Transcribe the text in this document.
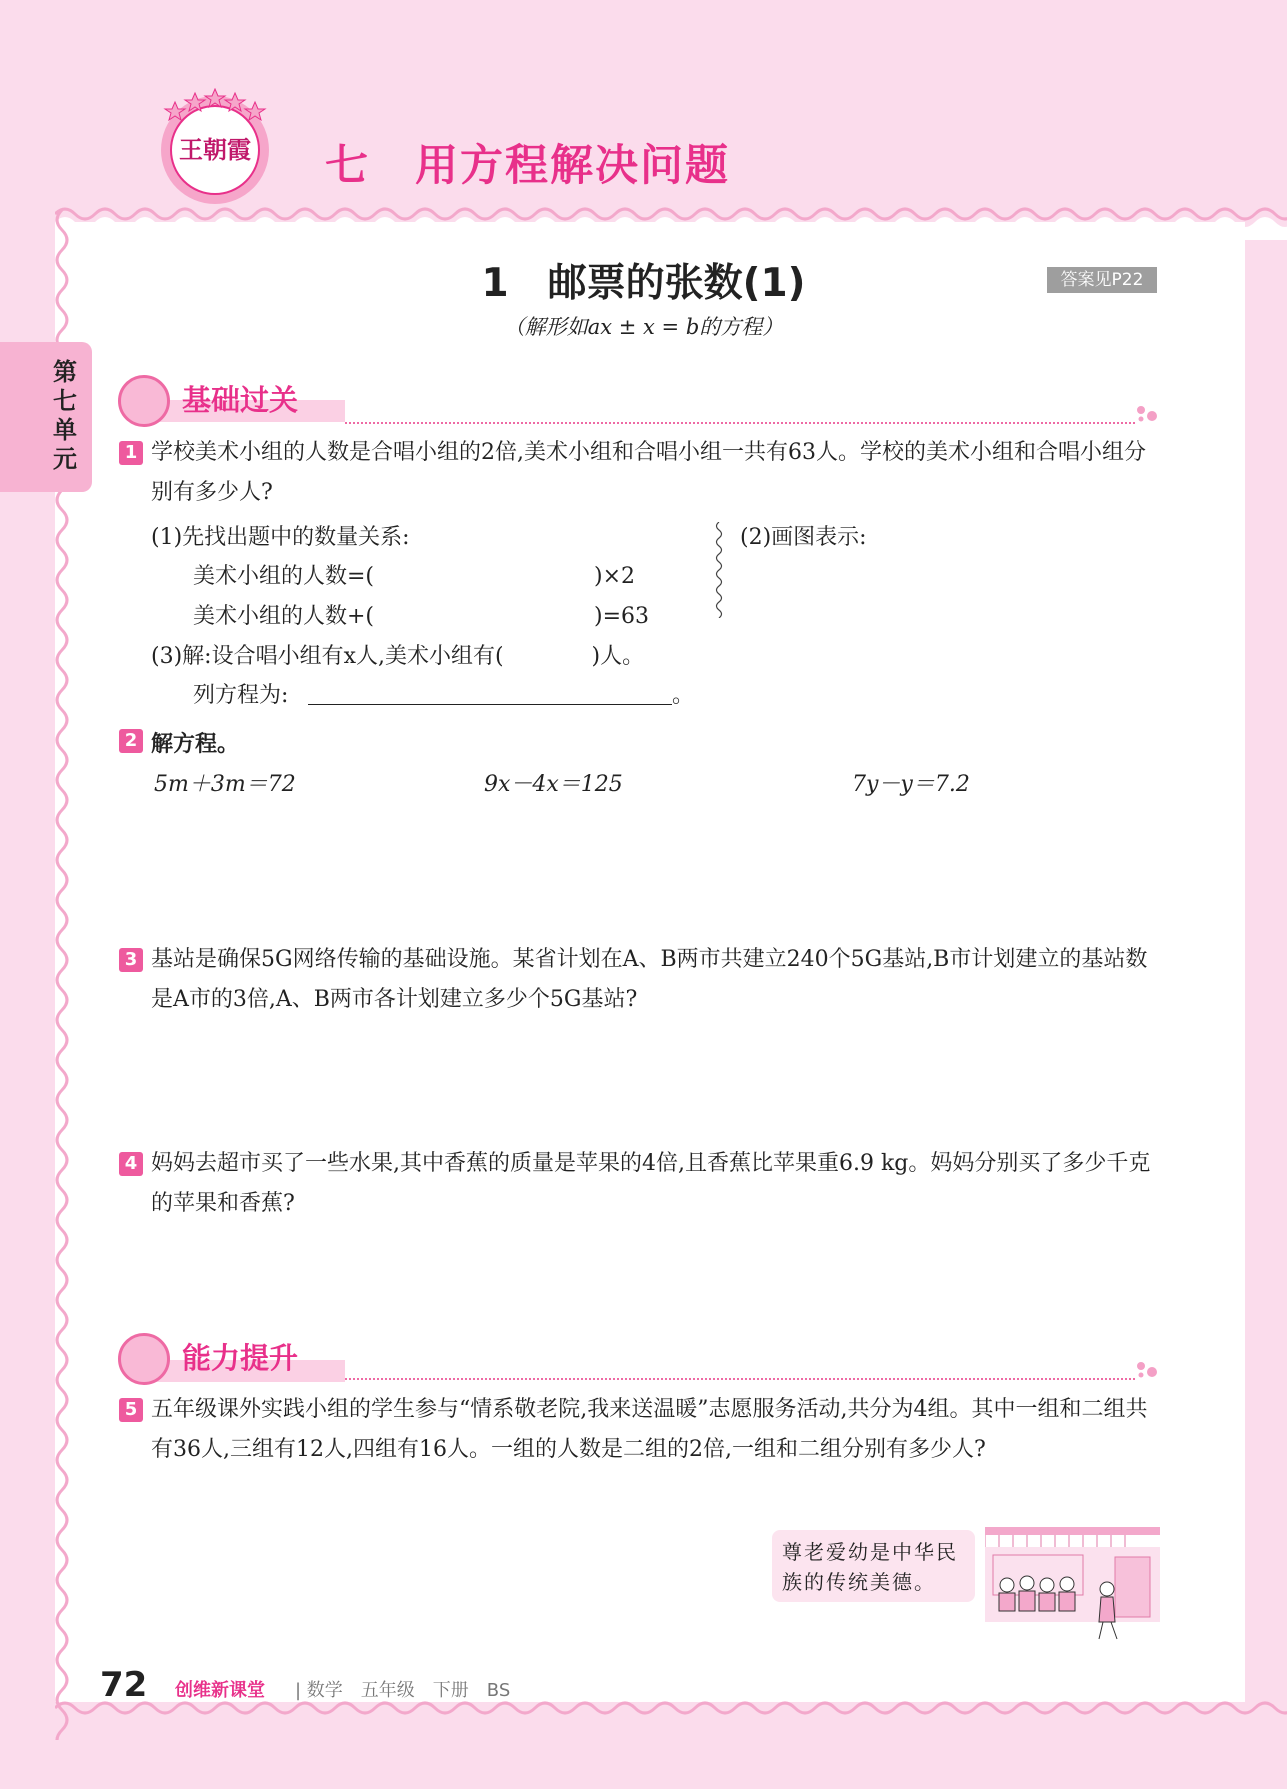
王朝霞 七　用方程解决问题
第七单元
1　邮票的张数(1)
（解形如ax ± x = b的方程）
答案见P22
基础过关
1 学校美术小组的人数是合唱小组的2倍,美术小组和合唱小组一共有63人。学校的美术小组和合唱小组分别有多少人?
(1)先找出题中的数量关系:
美术小组的人数=(　　　　　　　　　　)×2
美术小组的人数+(　　　　　　　　　　)=63
(2)画图表示:
(3)解:设合唱小组有x人,美术小组有(　　　　)人。
列方程为:	。
2 解方程。
5m＋3m＝72	9x－4x＝125	7y－y＝7.2
3 基站是确保5G网络传输的基础设施。某省计划在A、B两市共建立240个5G基站,B市计划建立的基站数是A市的3倍,A、B两市各计划建立多少个5G基站?
4 妈妈去超市买了一些水果,其中香蕉的质量是苹果的4倍,且香蕉比苹果重6.9 kg。妈妈分别买了多少千克的苹果和香蕉?
能力提升
5 五年级课外实践小组的学生参与“情系敬老院,我来送温暖”志愿服务活动,共分为4组。其中一组和二组共有36人,三组有12人,四组有16人。一组的人数是二组的2倍,一组和二组分别有多少人?
尊老爱幼是中华民族的传统美德。
72 创维新课堂 | 数学　五年级　下册　BS
